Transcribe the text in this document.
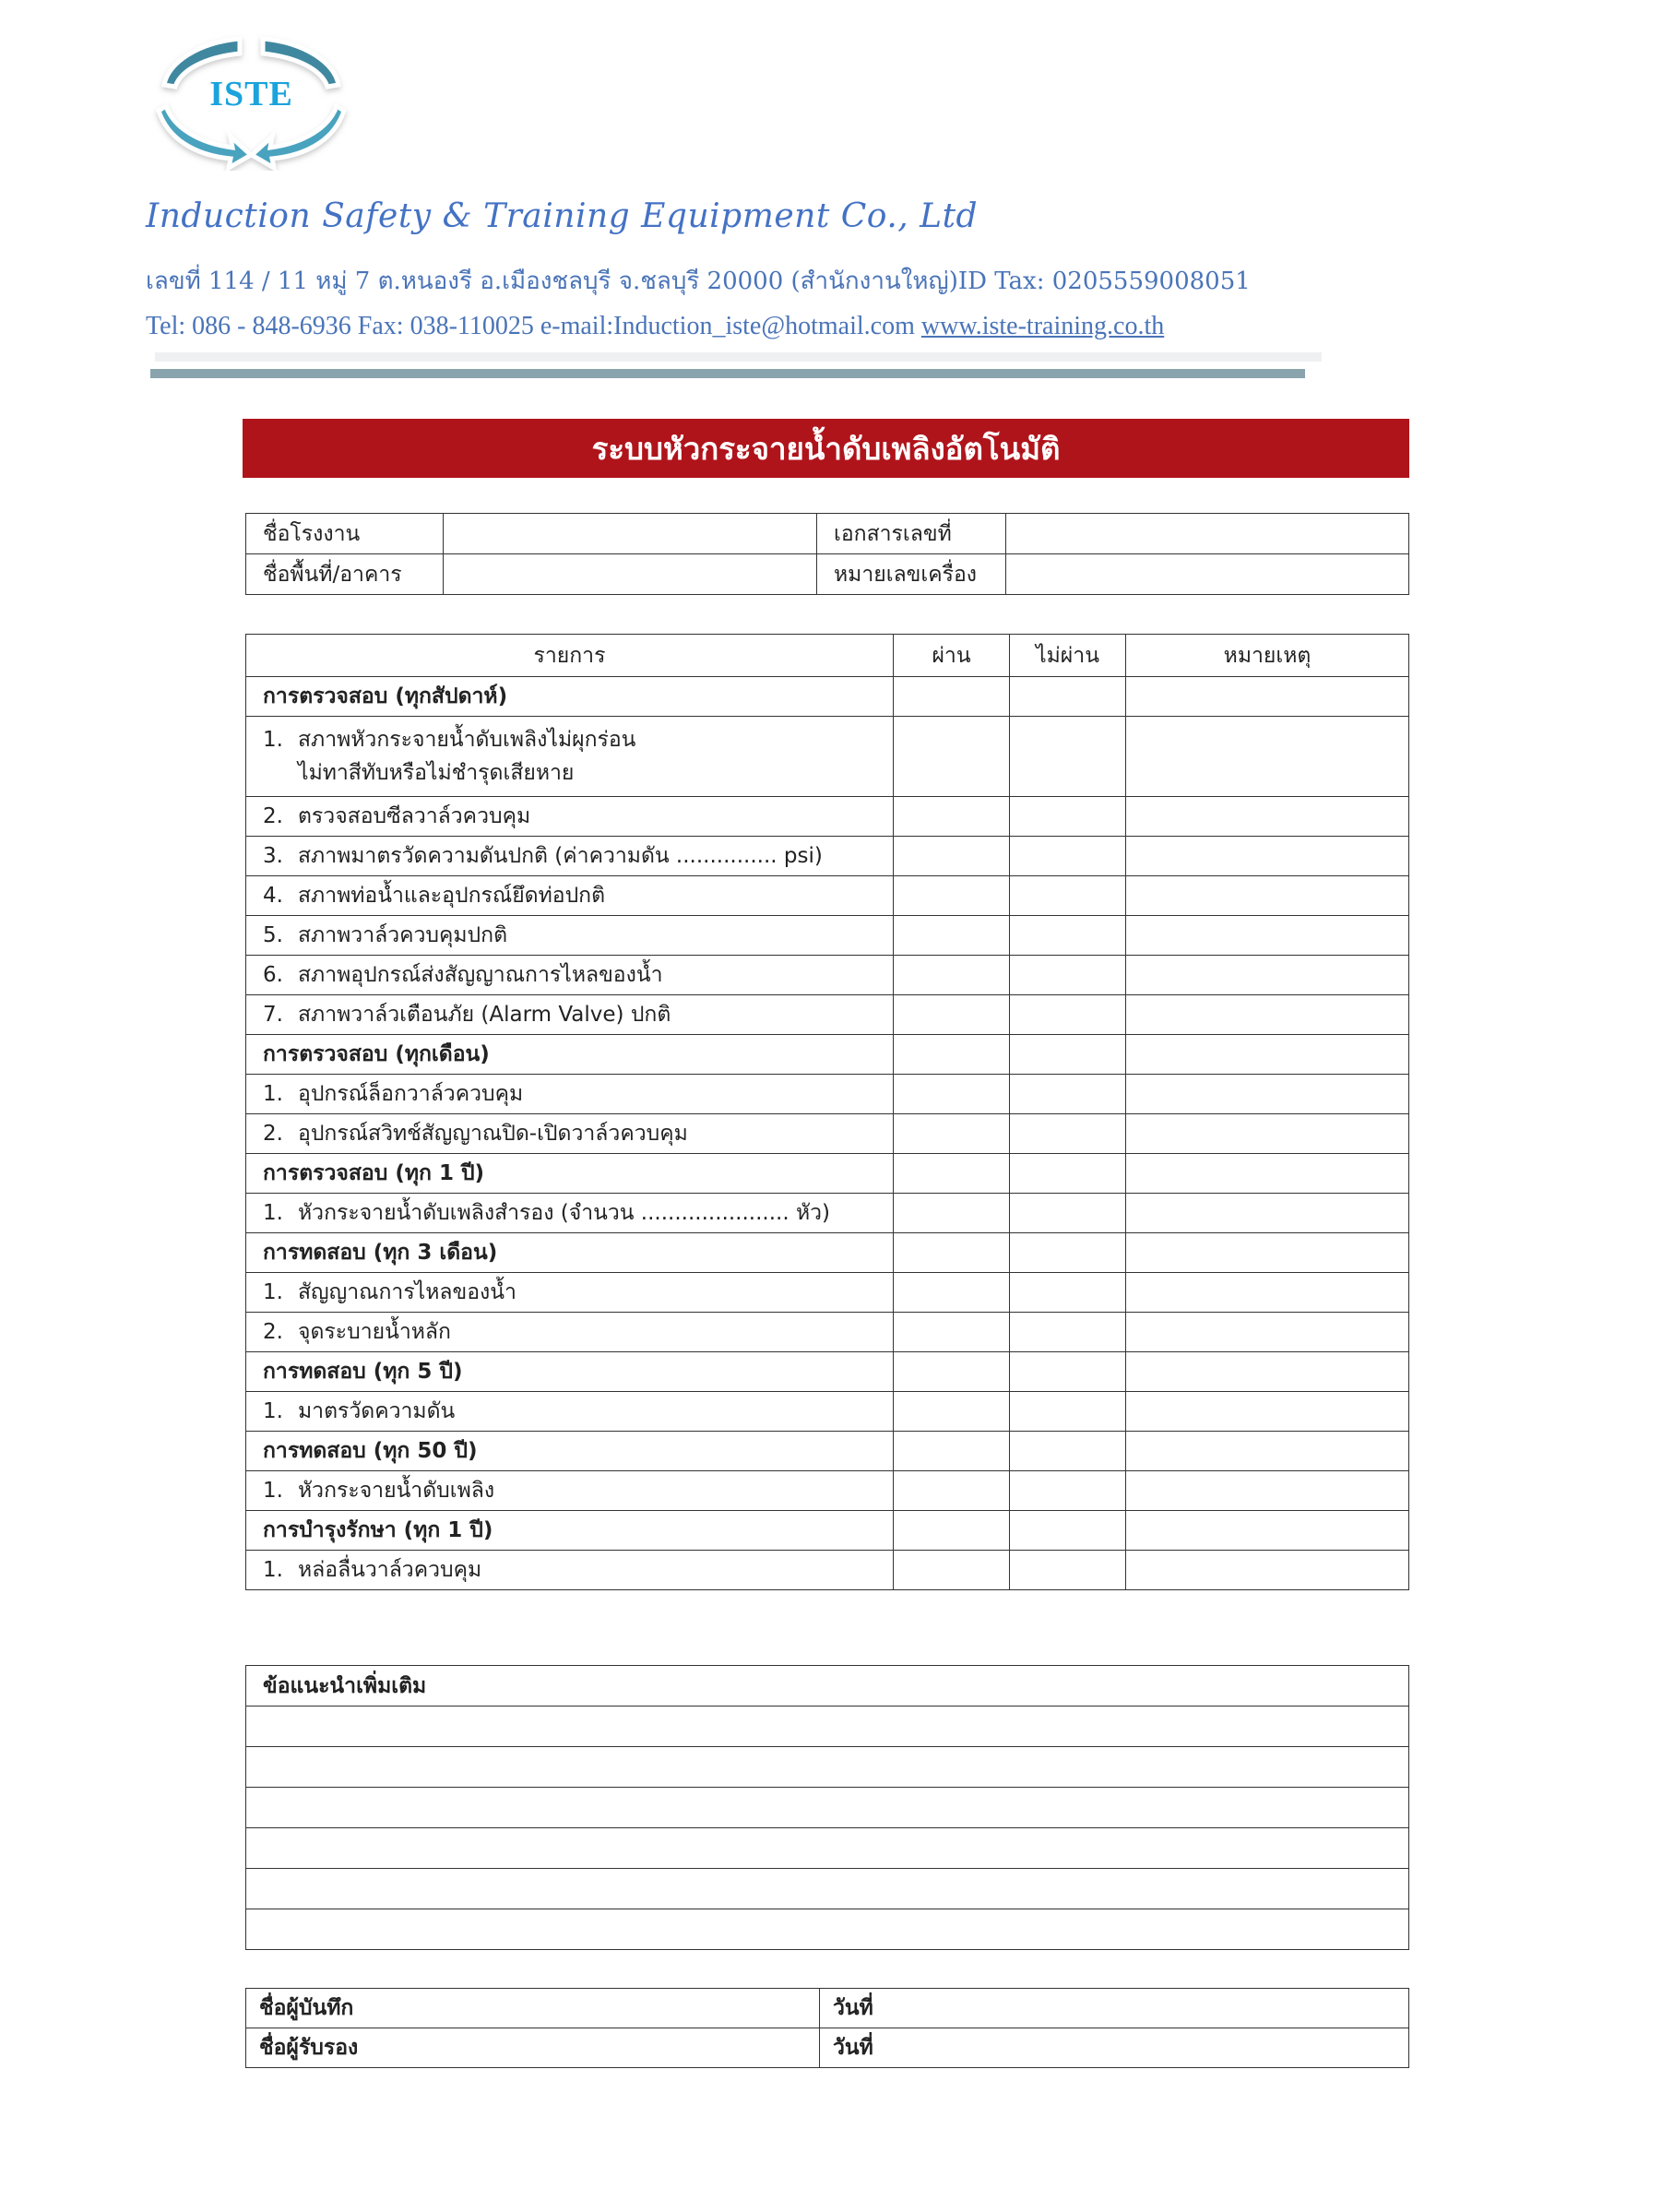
ISTE
Induction Safety & Training Equipment Co., Ltd
เลขที่ 114 / 11 หมู่ 7 ต.หนองรี อ.เมืองชลบุรี จ.ชลบุรี 20000 (สำนักงานใหญ่)ID Tax: 0205559008051
Tel: 086 - 848-6936 Fax: 038-110025 e-mail:Induction_iste@hotmail.com www.iste-training.co.th
ระบบหัวกระจายน้ำดับเพลิงอัตโนมัติ
ชื่อโรงงาน		เอกสารเลขที่	
ชื่อพื้นที่/อาคาร		หมายเลขเครื่อง	
รายการ	ผ่าน	ไม่ผ่าน	หมายเหตุ
การตรวจสอบ (ทุกสัปดาห์)			
1. สภาพหัวกระจายน้ำดับเพลิงไม่ผุกร่อน
ไม่ทาสีทับหรือไม่ชำรุดเสียหาย			

2. ตรวจสอบซีลวาล์วควบคุม			
3. สภาพมาตรวัดความดันปกติ (ค่าความดัน ............... psi)			
4. สภาพท่อน้ำและอุปกรณ์ยึดท่อปกติ			
5. สภาพวาล์วควบคุมปกติ			
6. สภาพอุปกรณ์ส่งสัญญาณการไหลของน้ำ			
7. สภาพวาล์วเตือนภัย (Alarm Valve) ปกติ			
การตรวจสอบ (ทุกเดือน)			
1. อุปกรณ์ล็อกวาล์วควบคุม			
2. อุปกรณ์สวิทช์สัญญาณปิด-เปิดวาล์วควบคุม			
การตรวจสอบ (ทุก 1 ปี)			
1. หัวกระจายน้ำดับเพลิงสำรอง (จำนวน ...................... หัว)			
การทดสอบ (ทุก 3 เดือน)			
1. สัญญาณการไหลของน้ำ			
2. จุดระบายน้ำหลัก			
การทดสอบ (ทุก 5 ปี)			
1. มาตรวัดความดัน			
การทดสอบ (ทุก 50 ปี)			
1. หัวกระจายน้ำดับเพลิง			
การบำรุงรักษา (ทุก 1 ปี)			
1. หล่อลื่นวาล์วควบคุม			
ข้อแนะนำเพิ่มเติม

ชื่อผู้บันทึก	วันที่
ชื่อผู้รับรอง	วันที่
